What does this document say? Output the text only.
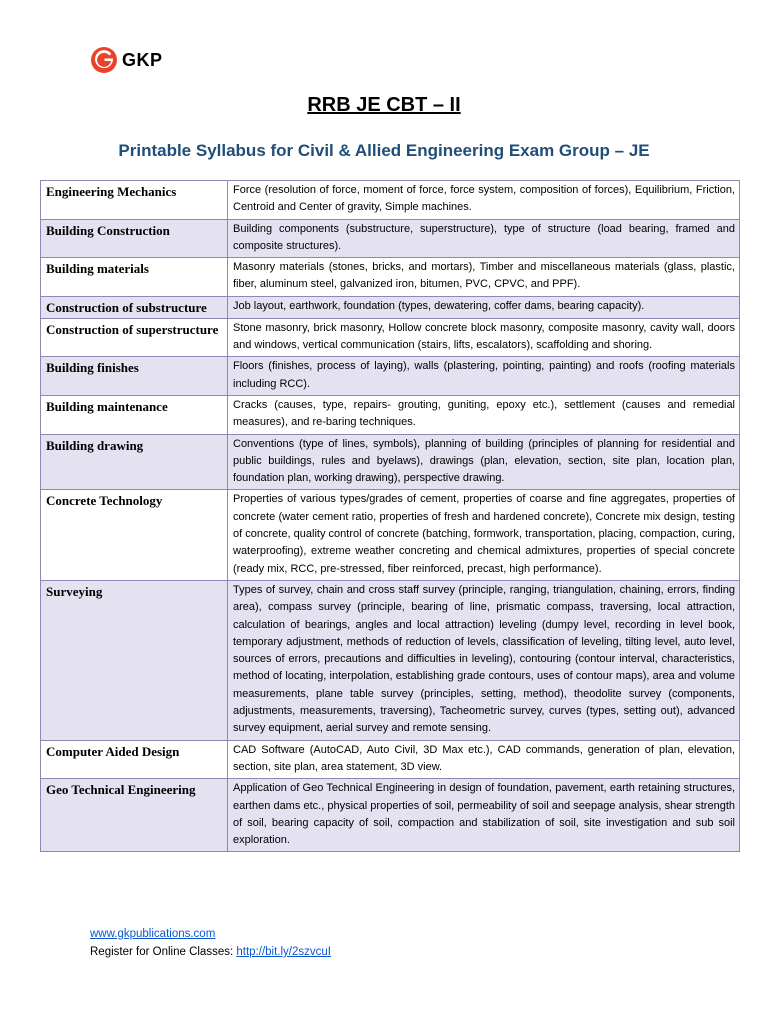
GKP
RRB JE CBT – II
Printable Syllabus for Civil & Allied Engineering Exam Group – JE
Engineering Mechanics	Force (resolution of force, moment of force, force system, composition of forces), Equilibrium, Friction, Centroid and Center of gravity, Simple machines.
Building Construction	Building components (substructure, superstructure), type of structure (load bearing, framed and composite structures).
Building materials	Masonry materials (stones, bricks, and mortars), Timber and miscellaneous materials (glass, plastic, fiber, aluminum steel, galvanized iron, bitumen, PVC, CPVC, and PPF).
Construction of substructure	Job layout, earthwork, foundation (types, dewatering, coffer dams, bearing capacity).
Construction of superstructure	Stone masonry, brick masonry, Hollow concrete block masonry, composite masonry, cavity wall, doors and windows, vertical communication (stairs, lifts, escalators), scaffolding and shoring.
Building finishes	Floors (finishes, process of laying), walls (plastering, pointing, painting) and roofs (roofing materials including RCC).
Building maintenance	Cracks (causes, type, repairs- grouting, guniting, epoxy etc.), settlement (causes and remedial measures), and re-baring techniques.
Building drawing	Conventions (type of lines, symbols), planning of building (principles of planning for residential and public buildings, rules and byelaws), drawings (plan, elevation, section, site plan, location plan, foundation plan, working drawing), perspective drawing.
Concrete Technology	Properties of various types/grades of cement, properties of coarse and fine aggregates, properties of concrete (water cement ratio, properties of fresh and hardened concrete), Concrete mix design, testing of concrete, quality control of concrete (batching, formwork, transportation, placing, compaction, curing, waterproofing), extreme weather concreting and chemical admixtures, properties of special concrete (ready mix, RCC, pre-stressed, fiber reinforced, precast, high performance).
Surveying	Types of survey, chain and cross staff survey (principle, ranging, triangulation, chaining, errors, finding area), compass survey (principle, bearing of line, prismatic compass, traversing, local attraction, calculation of bearings, angles and local attraction) leveling (dumpy level, recording in level book, temporary adjustment, methods of reduction of levels, classification of leveling, tilting level, auto level, sources of errors, precautions and difficulties in leveling), contouring (contour interval, characteristics, method of locating, interpolation, establishing grade contours, uses of contour maps), area and volume measurements, plane table survey (principles, setting, method), theodolite survey (components, adjustments, measurements, traversing), Tacheometric survey, curves (types, setting out), advanced survey equipment, aerial survey and remote sensing.
Computer Aided Design	CAD Software (AutoCAD, Auto Civil, 3D Max etc.), CAD commands, generation of plan, elevation, section, site plan, area statement, 3D view.
Geo Technical Engineering	Application of Geo Technical Engineering in design of foundation, pavement, earth retaining structures, earthen dams etc., physical properties of soil, permeability of soil and seepage analysis, shear strength of soil, bearing capacity of soil, compaction and stabilization of soil, site investigation and sub soil exploration.
www.gkpublications.com
Register for Online Classes: http://bit.ly/2szvcuI
